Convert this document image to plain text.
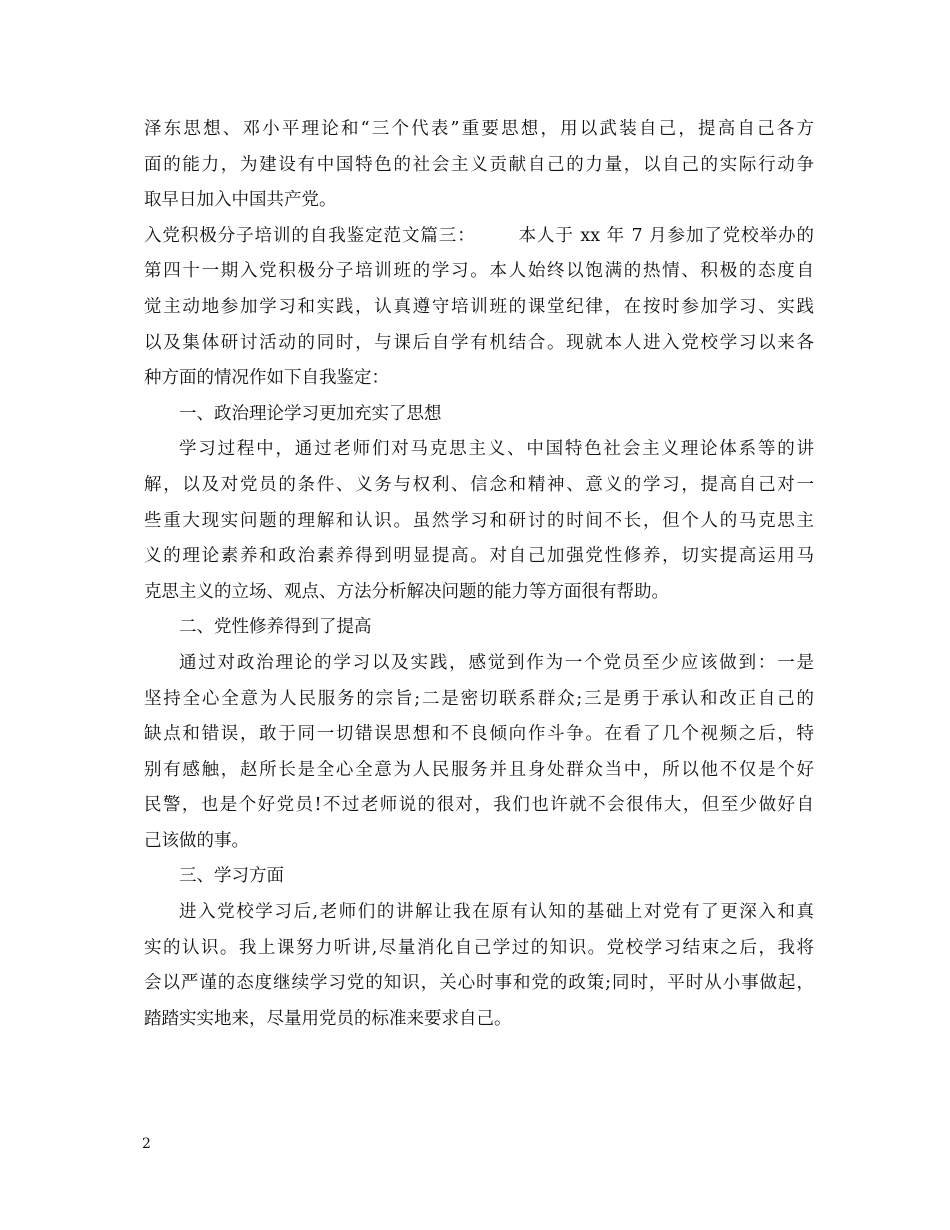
泽东思想、邓小平理论和“三个代表”重要思想，用以武装自己，提高自己各方
面的能力，为建设有中国特色的社会主义贡献自己的力量，以自己的实际行动争
取早日加入中国共产党。
入党积极分子培训的自我鉴定范文篇三： 本人于 xx 年 7 月参加了党校举办的
第四十一期入党积极分子培训班的学习。本人始终以饱满的热情、积极的态度自
觉主动地参加学习和实践，认真遵守培训班的课堂纪律，在按时参加学习、实践
以及集体研讨活动的同时，与课后自学有机结合。现就本人进入党校学习以来各
种方面的情况作如下自我鉴定：
一、政治理论学习更加充实了思想
学习过程中，通过老师们对马克思主义、中国特色社会主义理论体系等的讲
解，以及对党员的条件、义务与权利、信念和精神、意义的学习，提高自己对一
些重大现实问题的理解和认识。虽然学习和研讨的时间不长，但个人的马克思主
义的理论素养和政治素养得到明显提高。对自己加强党性修养，切实提高运用马
克思主义的立场、观点、方法分析解决问题的能力等方面很有帮助。
二、党性修养得到了提高
通过对政治理论的学习以及实践，感觉到作为一个党员至少应该做到：一是
坚持全心全意为人民服务的宗旨;二是密切联系群众;三是勇于承认和改正自己的
缺点和错误，敢于同一切错误思想和不良倾向作斗争。在看了几个视频之后，特
别有感触，赵所长是全心全意为人民服务并且身处群众当中，所以他不仅是个好
民警，也是个好党员!不过老师说的很对，我们也许就不会很伟大，但至少做好自
己该做的事。
三、学习方面
进入党校学习后,老师们的讲解让我在原有认知的基础上对党有了更深入和真
实的认识。我上课努力听讲,尽量消化自己学过的知识。党校学习结束之后，我将
会以严谨的态度继续学习党的知识，关心时事和党的政策;同时，平时从小事做起，
踏踏实实地来，尽量用党员的标准来要求自己。
2
